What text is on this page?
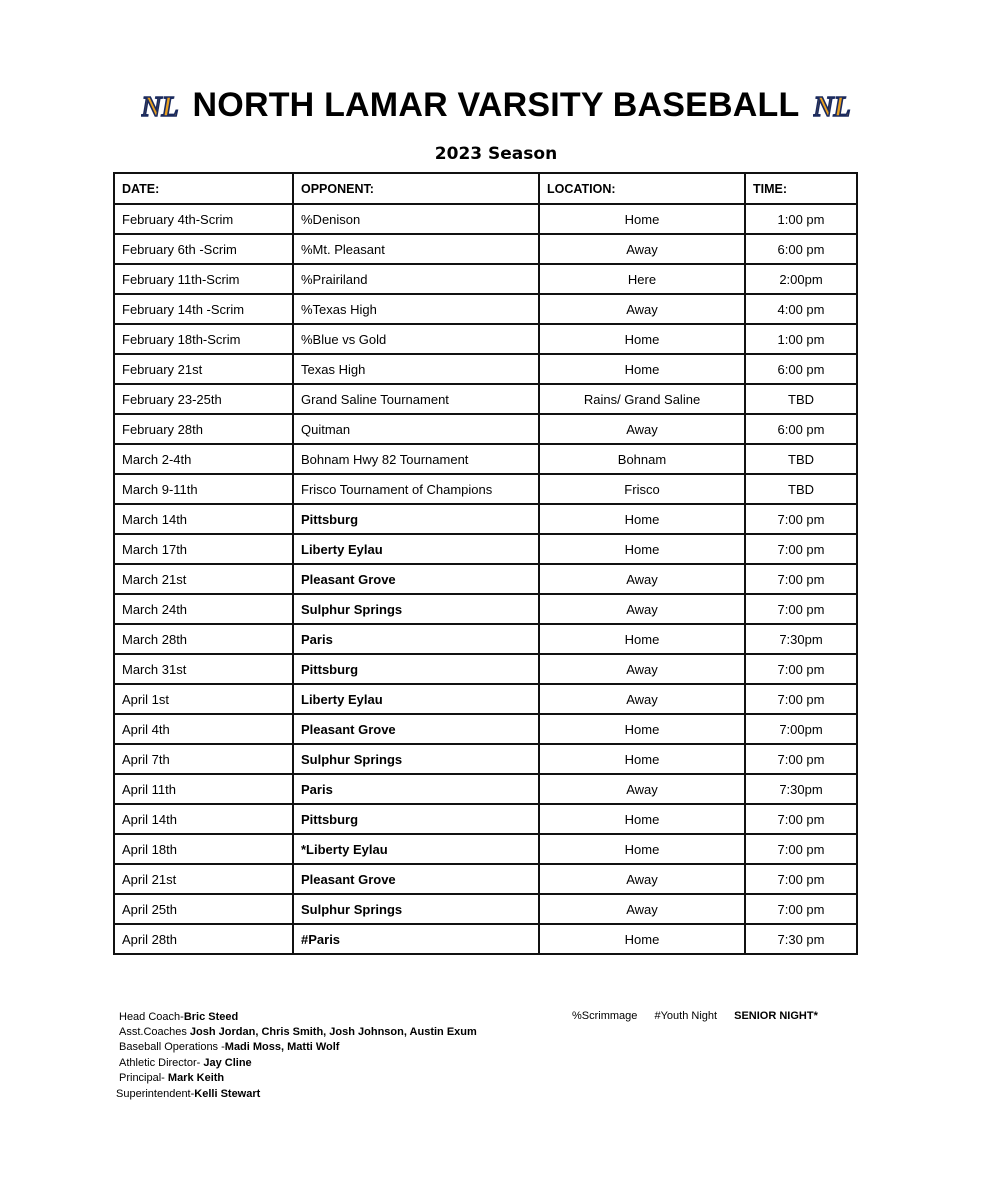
NL NORTH LAMAR VARSITY BASEBALL NL
2023 Season
DATE:	OPPONENT:	LOCATION:	TIME:
February 4th-Scrim	%Denison	Home	1:00 pm
February 6th -Scrim	%Mt. Pleasant	Away	6:00 pm
February 11th-Scrim	%Prairiland	Here	2:00pm
February 14th -Scrim	%Texas High	Away	4:00 pm
February 18th-Scrim	%Blue vs Gold	Home	1:00 pm
February 21st	Texas High	Home	6:00 pm
February 23-25th	Grand Saline Tournament	Rains/ Grand Saline	TBD
February 28th	Quitman	Away	6:00 pm
March 2-4th	Bohnam Hwy 82 Tournament	Bohnam	TBD
March 9-11th	Frisco Tournament of Champions	Frisco	TBD
March 14th	Pittsburg	Home	7:00 pm
March 17th	Liberty Eylau	Home	7:00 pm
March 21st	Pleasant Grove	Away	7:00 pm
March 24th	Sulphur Springs	Away	7:00 pm
March 28th	Paris	Home	7:30pm
March 31st	Pittsburg	Away	7:00 pm
April 1st	Liberty Eylau	Away	7:00 pm
April 4th	Pleasant Grove	Home	7:00pm
April 7th	Sulphur Springs	Home	7:00 pm
April 11th	Paris	Away	7:30pm
April 14th	Pittsburg	Home	7:00 pm
April 18th	*Liberty Eylau	Home	7:00 pm
April 21st	Pleasant Grove	Away	7:00 pm
April 25th	Sulphur Springs	Away	7:00 pm
April 28th	#Paris	Home	7:30 pm
Head Coach-Bric Steed
Asst.Coaches Josh Jordan, Chris Smith, Josh Johnson, Austin Exum
Baseball Operations -Madi Moss, Matti Wolf
Athletic Director- Jay Cline
Principal- Mark Keith
Superintendent-Kelli Stewart
%Scrimmage #Youth Night SENIOR NIGHT*
